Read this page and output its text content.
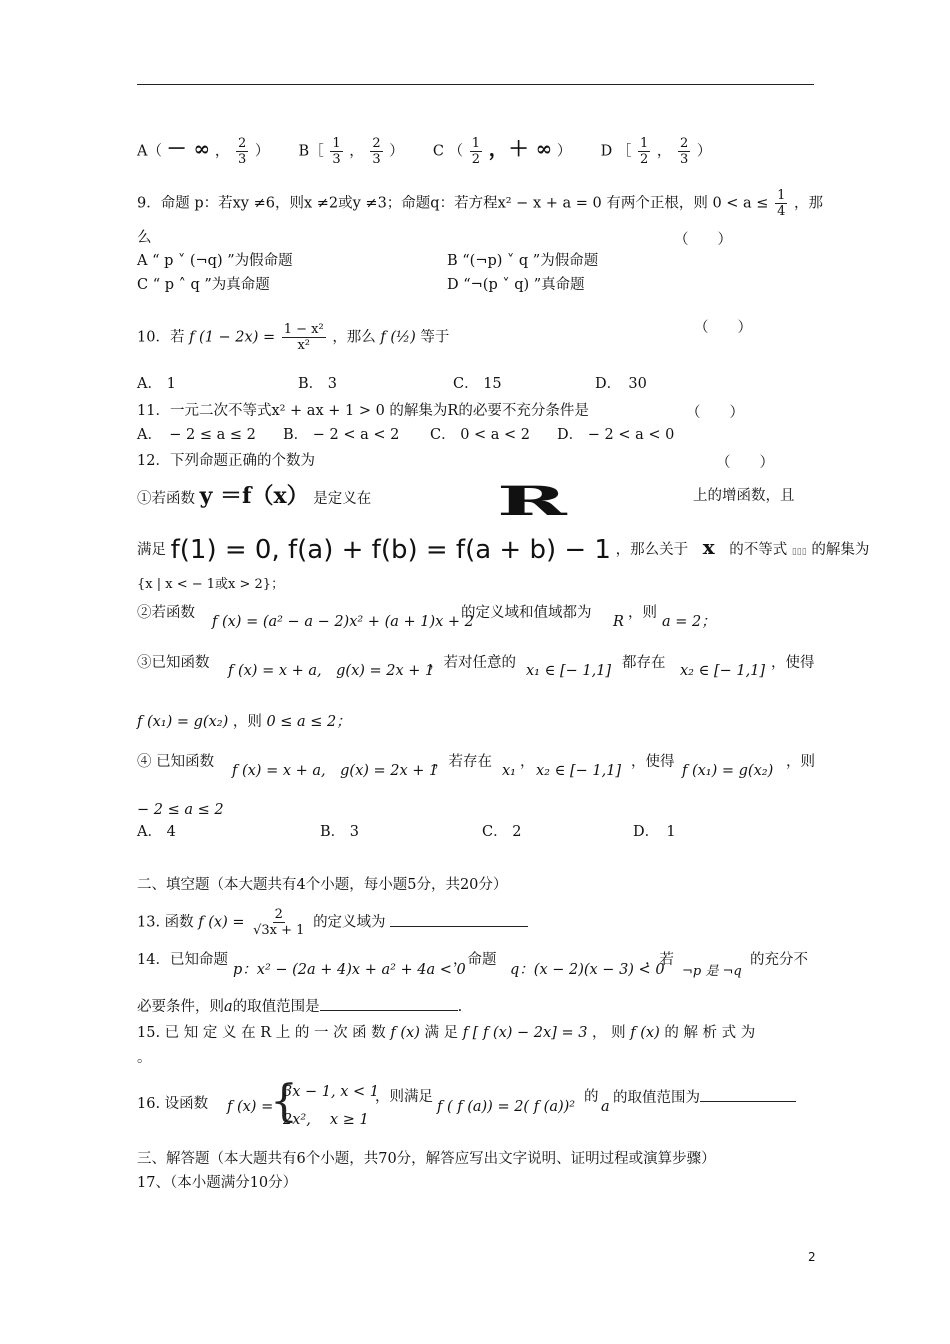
A（ － ∞ ， $\frac{2}{3}$ ） B［ $\frac{1}{3}$ ， $\frac{2}{3}$ ） C （ $\frac{1}{2}$ ，＋ ∞ ） D ［ $\frac{1}{2}$ ， $\frac{2}{3}$ ）
9．命题 p：若xy ≠6，则x ≠2或y ≠3；命题q：若方程x² − x + a = 0 有两个正根，则 $0 < a \le \frac{1}{4}$ ，那
么	（　　）
A “ p ˅ (¬q) ”为假命题	B “(¬p) ˅ q ”为假命题
C “ p ˄ q ”为真命题	D “¬(p ˅ q) ”真命题
10．若 f $(1 - 2x) = \frac{\text{1 − x²}}{\text{x²}}$ ，那么 f (½) 等于
（　　）
A． 1	B． 3	C． 15	D．　30
11．一元二次不等式x² + ax + 1 > 0 的解集为R的必要不充分条件是	（　　）
A．　− 2 ≤ a ≤ 2 B． − 2 < a < 2 C． 0 < a < 2 D． − 2 < a < 0
12．下列命题正确的个数为	（　　）
①若函数 y ＝f（x） 是定义在	R	上的增函数，且
满足 f(1) = 0, f(a) + f(b) = f(a + b) − 1 ，那么关于 x 的不等式 ▯▯▯ 的解集为
{x | x < − 1或x > 2}；
②若函数
f (x) = (a² − a − 2)x² + (a + 1)x + 2
的定义域和值域都为
R
，则
a = 2；
③已知函数 f (x) = x + a,　g(x) = 2x + 1
，若对任意的 x₁ ∈ [− 1,1] 都存在 x₂ ∈ [− 1,1] ，使得
f (x₁) = g(x₂) ，则 0 ≤ a ≤ 2；
④ 已知函数
f (x) = x + a,　g(x) = 2x + 1
，若存在
x₁
，
x₂ ∈ [− 1,1]
，使得
f (x₁) = g(x₂)
，则
− 2 ≤ a ≤ 2
A． 4	B． 3	C． 2	D．　1
二、填空题（本大题共有4个小题，每小题5分，共20分）
13. 函数 f $(x) = \frac{2}{√3x + 1}$ 的定义域为
14．已知命题
p：x² − (2a + 4)x + a² + 4a < 0
，命题
q：(x − 2)(x − 3) < 0
，若
¬p 是 ¬q
的充分不
必要条件，则a的取值范围是	.
15. 已 知 定 义 在 R 上 的 一 次 函 数 f (x) 满 足 f [ f (x) − 2x] = 3 ， 则 f (x) 的 解 析 式 为
。
16. 设函数 f (x) =
{
3x − 1, x < 1
2x²,　 x ≥ 1
，则满足
f ( f (a)) = 2( f (a))²
的
a
的取值范围为
三、解答题（本大题共有6个小题，共70分，解答应写出文字说明、证明过程或演算步骤）
17、（本小题满分10分）
2
